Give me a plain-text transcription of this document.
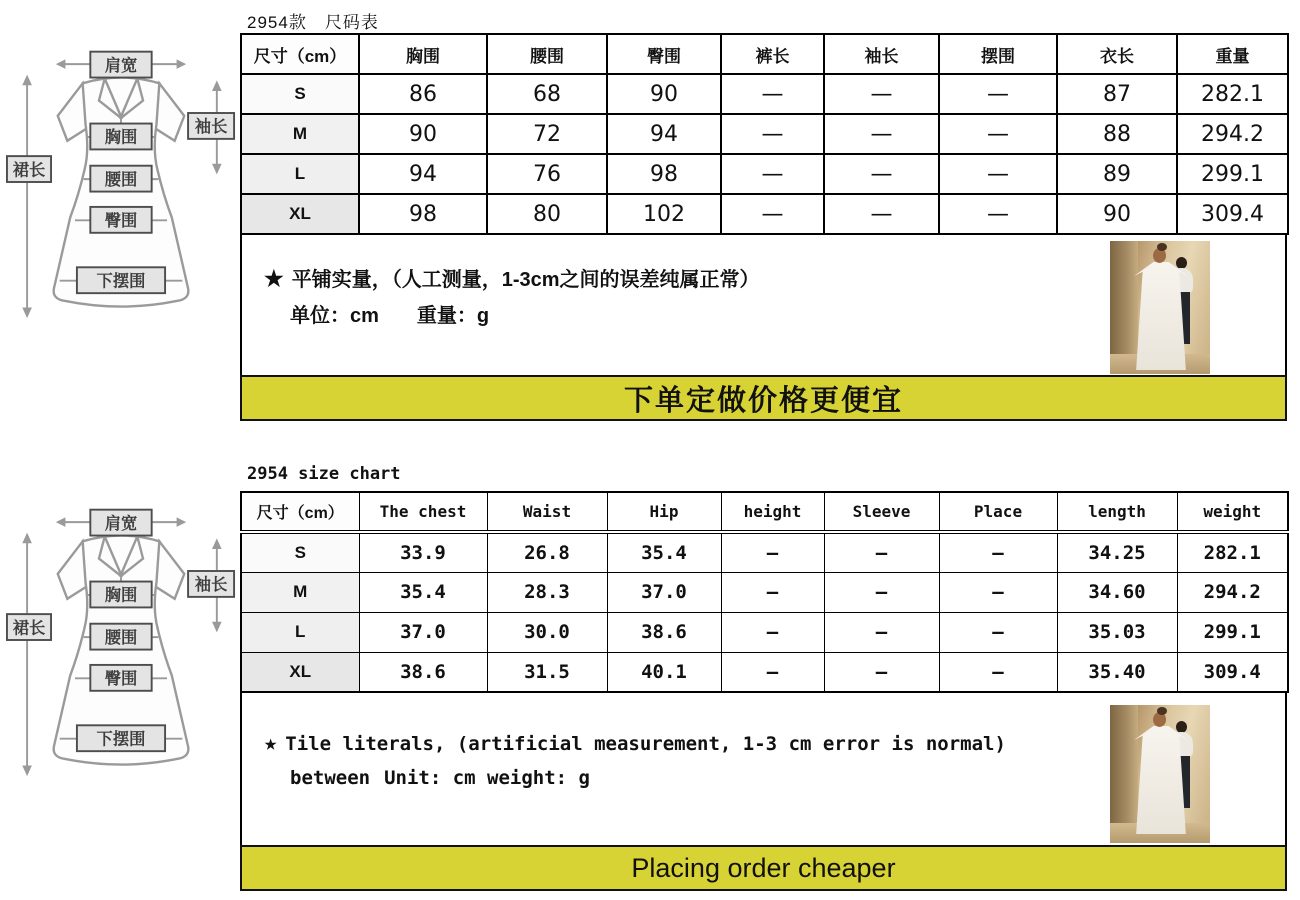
2954款　尺码表
肩宽
袖长
胸围
裙长
腰围
臀围
下摆围
尺寸（cm）	胸围	腰围	臀围	裤长	袖长	摆围	衣长	重量
S	86	68	90	—	—	—	87	282.1
M	90	72	94	—	—	—	88	294.2
L	94	76	98	—	—	—	89	299.1
XL	98	80	102	—	—	—	90	309.4
★ 平铺实量，（人工测量，1-3cm之间的误差纯属正常）
单位：cm 重量：g
下单定做价格更便宜
2954 size chart
肩宽
袖长
胸围
裙长
腰围
臀围
下摆围
尺寸（cm）	The chest	Waist	Hip	height	Sleeve	Place	length	weight
S	33.9	26.8	35.4	—	—	—	34.25	282.1
M	35.4	28.3	37.0	—	—	—	34.60	294.2
L	37.0	30.0	38.6	—	—	—	35.03	299.1
XL	38.6	31.5	40.1	—	—	—	35.40	309.4
★ Tile literals, (artificial measurement, 1-3 cm error is normal)
between Unit: cm weight: g
Placing order cheaper
